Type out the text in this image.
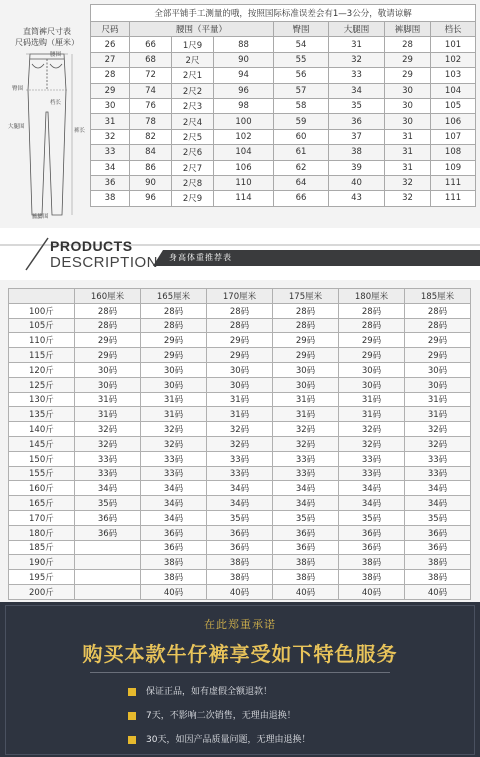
直筒裤尺寸表
尺码选购（厘米）
腰围
臀围
档长
大腿围
裤长
裤脚围
全部平铺手工测量的哦，按照国际标准误差会有1—3公分，敬请谅解							
尺码	腰围（平量）			臀围	大腿围	裤脚围	档长
26	66	1尺9	88	54	31	28	101
27	68	2尺	90	55	32	29	102
28	72	2尺1	94	56	33	29	103
29	74	2尺2	96	57	34	30	104
30	76	2尺3	98	58	35	30	105
31	78	2尺4	100	59	36	30	106
32	82	2尺5	102	60	37	31	107
33	84	2尺6	104	61	38	31	108
34	86	2尺7	106	62	39	31	109
36	90	2尺8	110	64	40	32	111
38	96	2尺9	114	66	43	32	111
PRODUCTS
DESCRIPTION 身高体重推荐表
	160厘米	165厘米	170厘米	175厘米	180厘米	185厘米
100斤	28码	28码	28码	28码	28码	28码
105斤	28码	28码	28码	28码	28码	28码
110斤	29码	29码	29码	29码	29码	29码
115斤	29码	29码	29码	29码	29码	29码
120斤	30码	30码	30码	30码	30码	30码
125斤	30码	30码	30码	30码	30码	30码
130斤	31码	31码	31码	31码	31码	31码
135斤	31码	31码	31码	31码	31码	31码
140斤	32码	32码	32码	32码	32码	32码
145斤	32码	32码	32码	32码	32码	32码
150斤	33码	33码	33码	33码	33码	33码
155斤	33码	33码	33码	33码	33码	33码
160斤	34码	34码	34码	34码	34码	34码
165斤	35码	34码	34码	34码	34码	34码
170斤	36码	34码	35码	35码	35码	35码
180斤	36码	36码	36码	36码	36码	36码
185斤		36码	36码	36码	36码	36码
190斤		38码	38码	38码	38码	38码
195斤		38码	38码	38码	38码	38码
200斤		40码	40码	40码	40码	40码
在此郑重承诺
购买本款牛仔裤享受如下特色服务
保证正品，如有虚假全额退款！
7天，不影响二次销售，无理由退换！
30天，如因产品质量问题，无理由退换！
